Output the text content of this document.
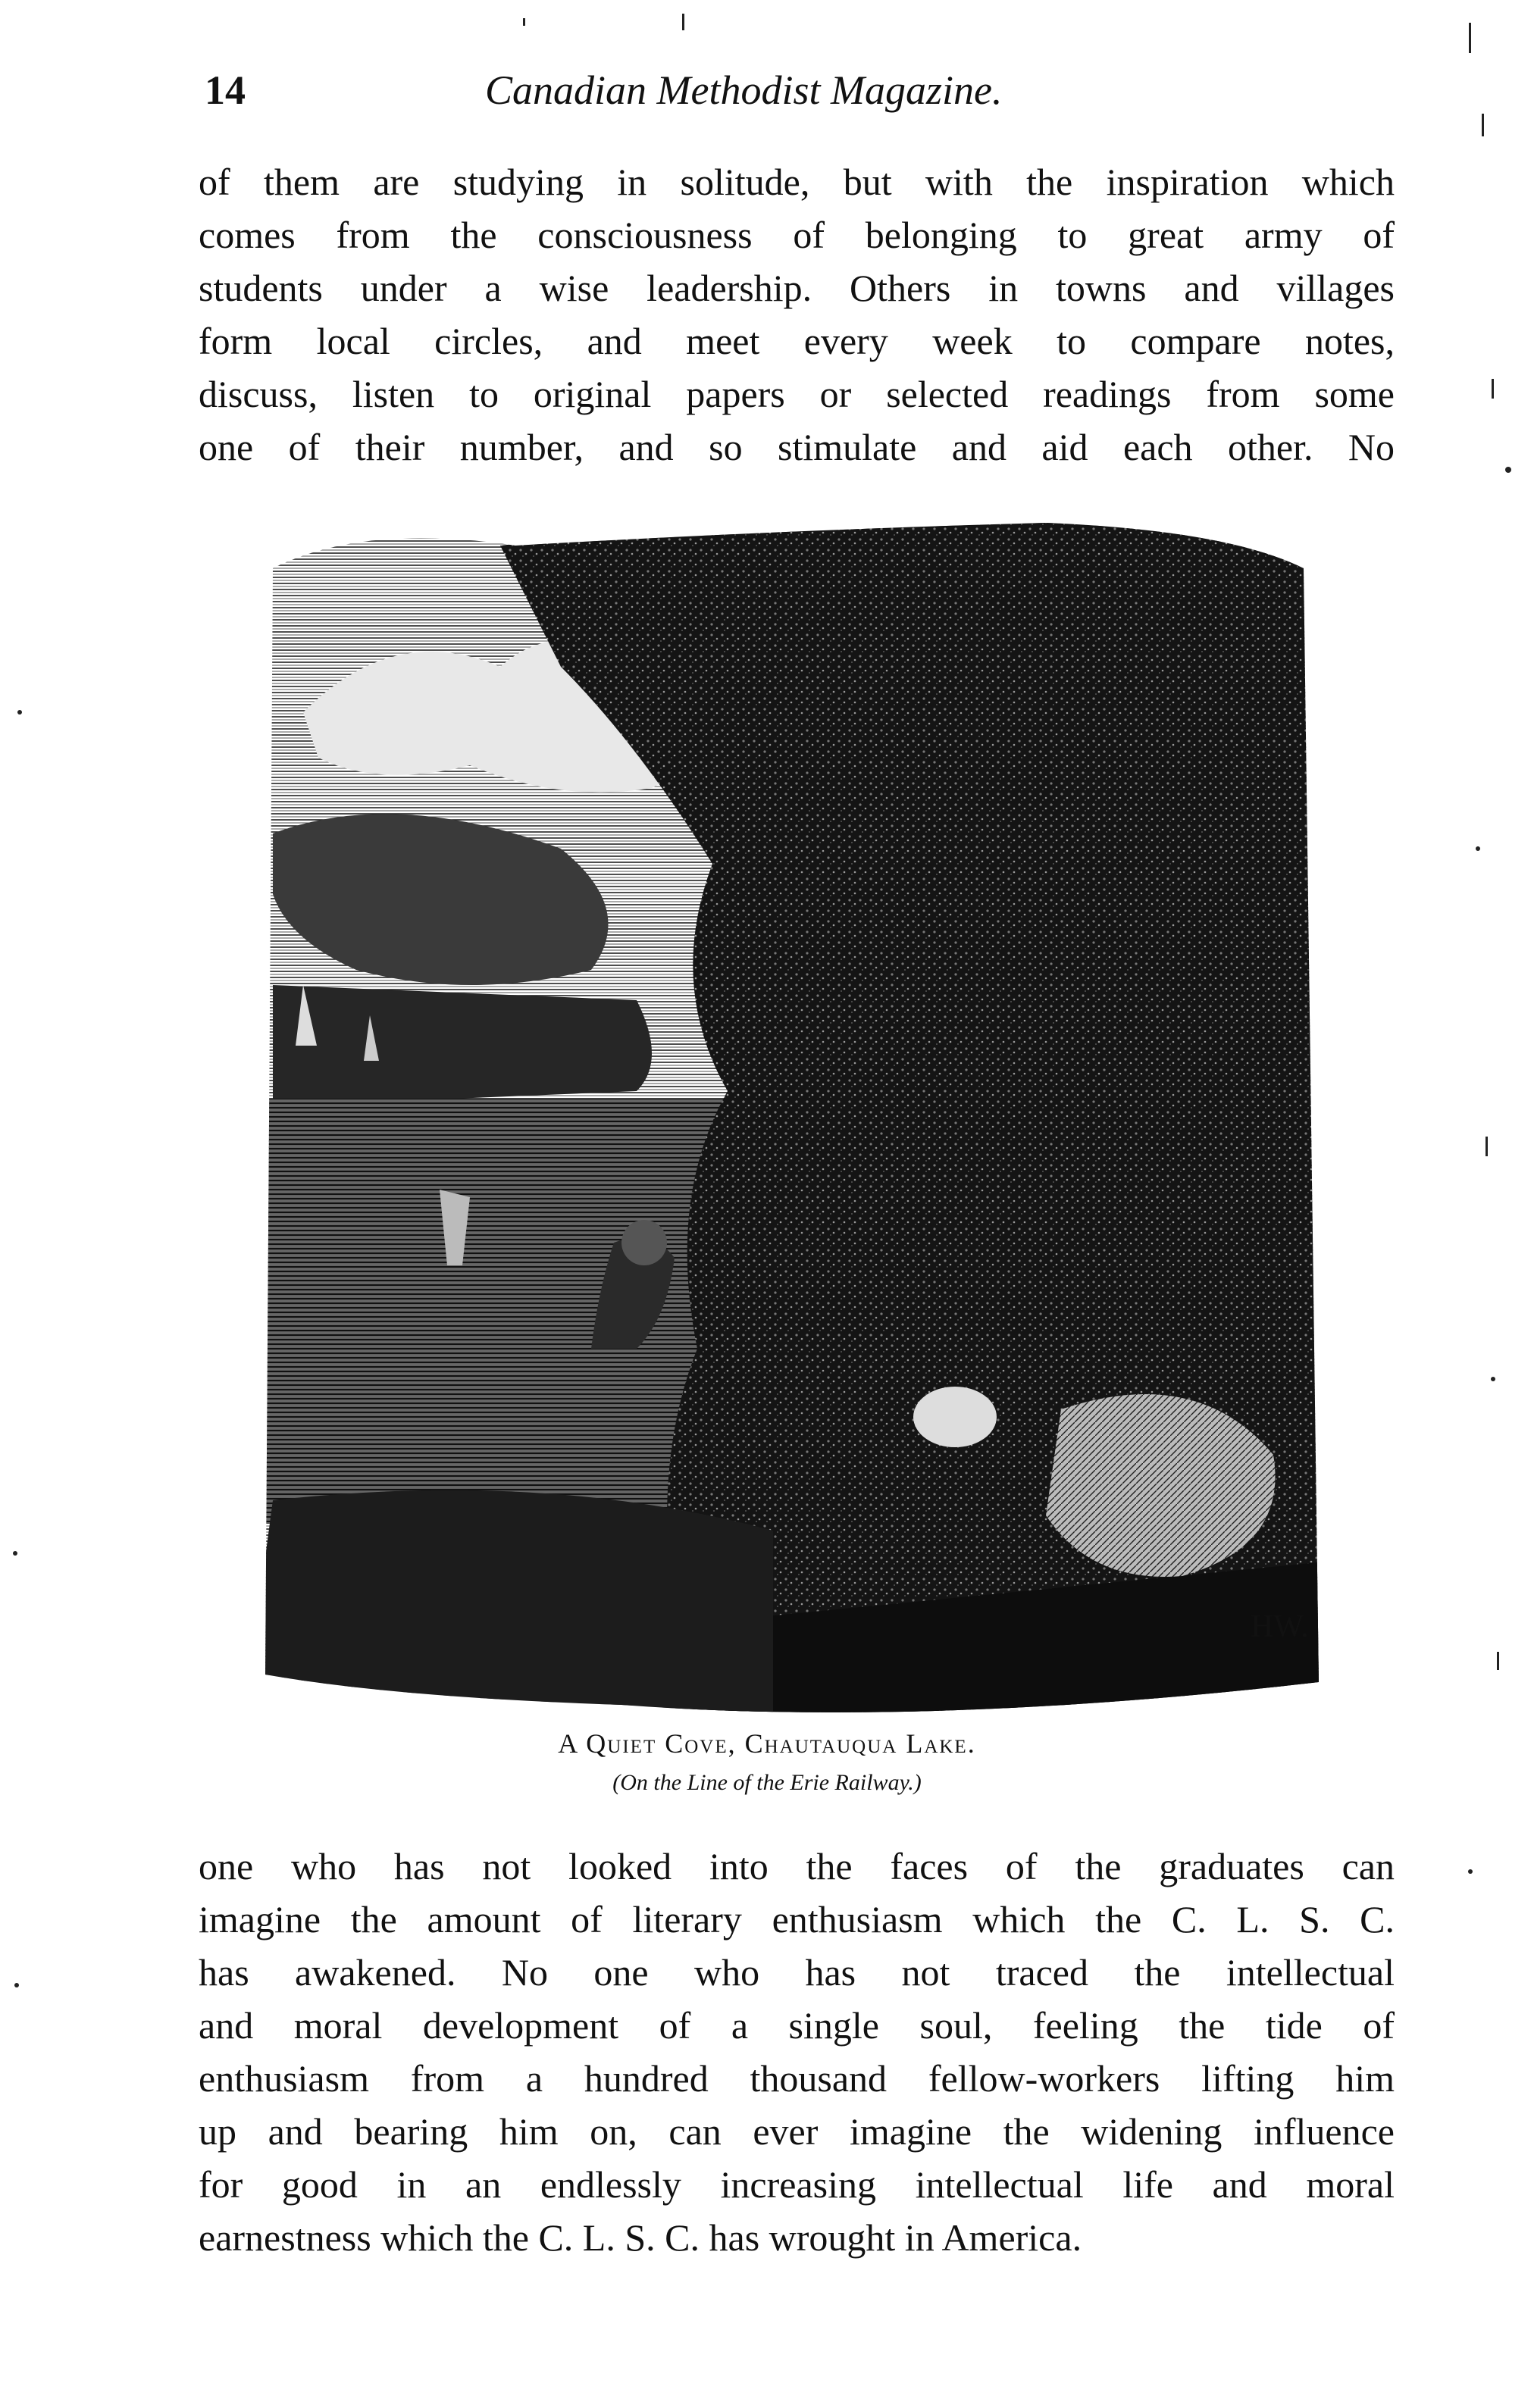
14	Canadian Methodist Magazine.
of them are studying in solitude, but with the inspiration which
comes from the consciousness of belonging to great army of
students under a wise leadership. Others in towns and villages
form local circles, and meet every week to compare notes,
discuss, listen to original papers or selected readings from some
one of their number, and so stimulate and aid each other. No
HW.
A Quiet Cove, Chautauqua Lake.
(On the Line of the Erie Railway.)
one who has not looked into the faces of the graduates can
imagine the amount of literary enthusiasm which the C. L. S. C.
has awakened. No one who has not traced the intellectual
and moral development of a single soul, feeling the tide of
enthusiasm from a hundred thousand fellow-workers lifting him
up and bearing him on, can ever imagine the widening influence
for good in an endlessly increasing intellectual life and moral
earnestness which the C. L. S. C. has wrought in America.
